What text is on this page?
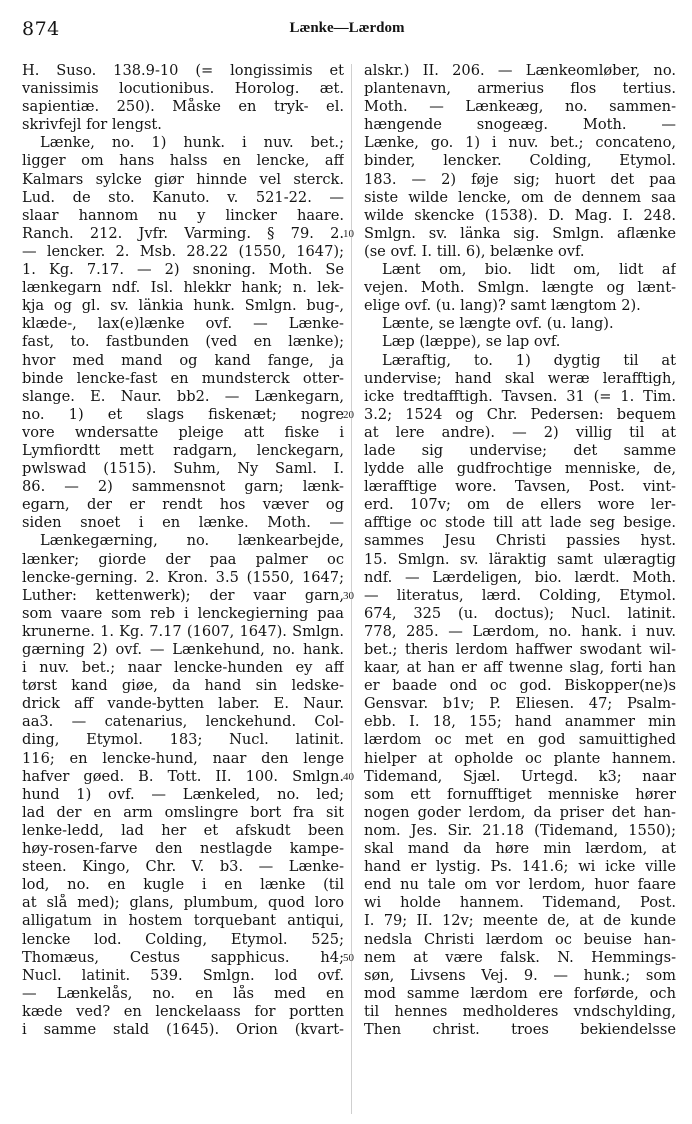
874	Lænke—Lærdom
H. Suso. 138.9-10 (= longissimis et
vanissimis locutionibus. Horolog. æt.
sapientiæ. 250). Måske en tryk- el.
skrivfejl for lengst.
Lænke, no. 1) hunk. i nuv. bet.;
ligger om hans halss en lencke, aff
Kalmars sylcke giør hinnde vel sterck.
Lud. de sto. Kanuto. v. 521-22. —
slaar hannom nu y lincker haare.
Ranch. 212. Jvfr. Varming. § 79. 2.
— lencker. 2. Msb. 28.22 (1550, 1647);
1. Kg. 7.17. — 2) snoning. Moth. Se
lænkegarn ndf. Isl. hlekkr hank; n. lek-
kja og gl. sv. länkia hunk. Smlgn. bug-,
klæde-, lax(e)lænke ovf. — Lænke-
fast, to. fastbunden (ved en lænke);
hvor med mand og kand fange, ja
binde lencke-fast en mundsterck otter-
slange. E. Naur. bb2. — Lænkegarn,
no. 1) et slags fiskenæt; nogre
vore wndersatte pleige att fiske i
Lymfiordtt mett radgarn, lenckegarn,
pwlswad (1515). Suhm, Ny Saml. I.
86. — 2) sammensnot garn; lænk-
egarn, der er rendt hos væver og
siden snoet i en lænke. Moth. —
Lænkegærning, no. lænkearbejde,
lænker; giorde der paa palmer oc
lencke-gerning. 2. Kron. 3.5 (1550, 1647;
Luther: kettenwerk); der vaar garn,
som vaare som reb i lenckegierning paa
krunerne. 1. Kg. 7.17 (1607, 1647). Smlgn.
gærning 2) ovf. — Lænkehund, no. hank.
i nuv. bet.; naar lencke-hunden ey aff
tørst kand giøe, da hand sin ledske-
drick aff vande-bytten laber. E. Naur.
aa3. — catenarius, lenckehund. Col-
ding, Etymol. 183; Nucl. latinit.
116; en lencke-hund, naar den lenge
hafver gøed. B. Tott. II. 100. Smlgn.
hund 1) ovf. — Lænkeled, no. led;
lad der en arm omslingre bort fra sit
lenke-ledd, lad her et afskudt been
høy-rosen-farve den nestlagde kampe-
steen. Kingo, Chr. V. b3. — Lænke-
lod, no. en kugle i en lænke (til
at slå med); glans, plumbum, quod loro
alligatum in hostem torquebant antiqui,
lencke lod. Colding, Etymol. 525;
Thomæus, Cestus sapphicus. h4;
Nucl. latinit. 539. Smlgn. lod ovf.
— Lænkelås, no. en lås med en
kæde ved? en lenckelaass for portten
i samme stald (1645). Orion (kvart-
10
20
30
40
50
alskr.) II. 206. — Lænkeomløber, no.
plantenavn, armerius flos tertius.
Moth. — Lænkeæg, no. sammen-
hængende snogeæg. Moth. —
Lænke, go. 1) i nuv. bet.; concateno,
binder, lencker. Colding, Etymol.
183. — 2) føje sig; huort det paa
siste wilde lencke, om de dennem saa
wilde skencke (1538). D. Mag. I. 248.
Smlgn. sv. länka sig. Smlgn. aflænke
(se ovf. I. till. 6), belænke ovf.
Lænt om, bio. lidt om, lidt af
vejen. Moth. Smlgn. længte og lænt-
elige ovf. (u. lang)? samt længtom 2).
Lænte, se længte ovf. (u. lang).
Læp (læppe), se lap ovf.
Læraftig, to. 1) dygtig til at
undervise; hand skal weræ lerafftigh,
icke tredtafftigh. Tavsen. 31 (= 1. Tim.
3.2; 1524 og Chr. Pedersen: bequem
at lere andre). — 2) villig til at
lade sig undervise; det samme
lydde alle gudfrochtige menniske, de,
lærafftige wore. Tavsen, Post. vint-
erd. 107v; om de ellers wore ler-
afftige oc stode till att lade seg besige.
sammes Jesu Christi passies hyst.
15. Smlgn. sv. läraktig samt ulæragtig
ndf. — Lærdeligen, bio. lærdt. Moth.
— literatus, lærd. Colding, Etymol.
674, 325 (u. doctus); Nucl. latinit.
778, 285. — Lærdom, no. hank. i nuv.
bet.; theris lerdom haffwer swodant wil-
kaar, at han er aff twenne slag, forti han
er baade ond oc god. Biskopper(ne)s
Gensvar. b1v; P. Eliesen. 47; Psalm-
ebb. I. 18, 155; hand anammer min
lærdom oc met en god samuittighed
hielper at opholde oc plante hannem.
Tidemand, Sjæl. Urtegd. k3; naar
som ett fornufftiget menniske hører
nogen goder lerdom, da priser det han-
nom. Jes. Sir. 21.18 (Tidemand, 1550);
skal mand da høre min lærdom, at
hand er lystig. Ps. 141.6; wi icke ville
end nu tale om vor lerdom, huor faare
wi holde hannem. Tidemand, Post.
I. 79; II. 12v; meente de, at de kunde
nedsla Christi lærdom oc beuise han-
nem at være falsk. N. Hemmings-
søn, Livsens Vej. 9. — hunk.; som
mod samme lærdom ere forførde, och
til hennes medholderes vndschylding,
Then christ. troes bekiendelsse
